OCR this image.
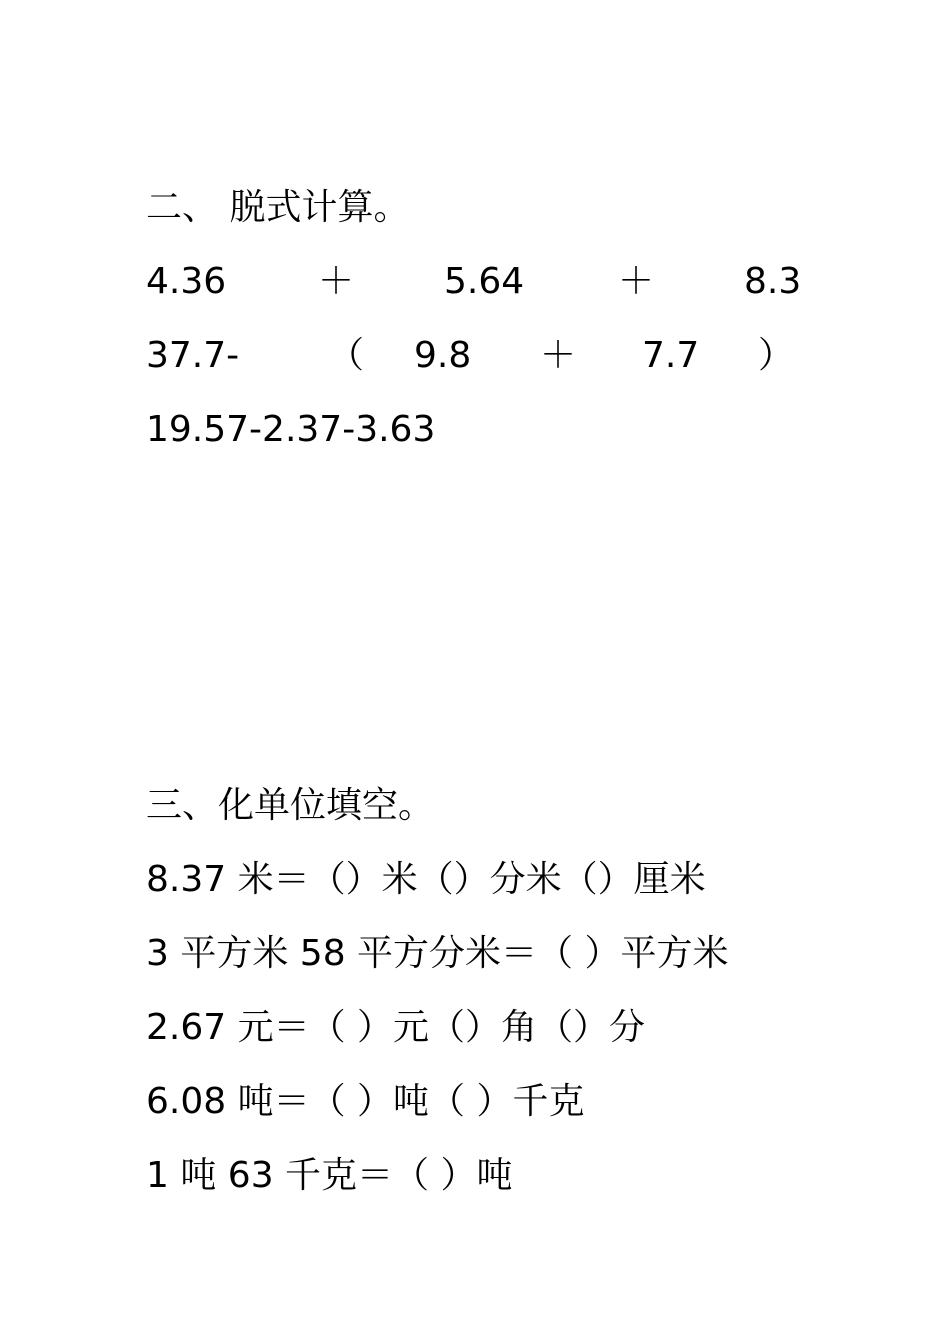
二、 脱式计算。
4.36	＋ 5.64	＋ 8.3
37.7- （ 9.8 ＋ 7.7 ）
19.57-2.37-3.63
三、化单位填空。
8.37 米＝（）米（）分米（）厘米
3 平方米 58 平方分米＝（ ）平方米
2.67 元＝（ ）元（）角（）分
6.08 吨＝（ ）吨（ ）千克
1 吨 63 千克＝（ ）吨
